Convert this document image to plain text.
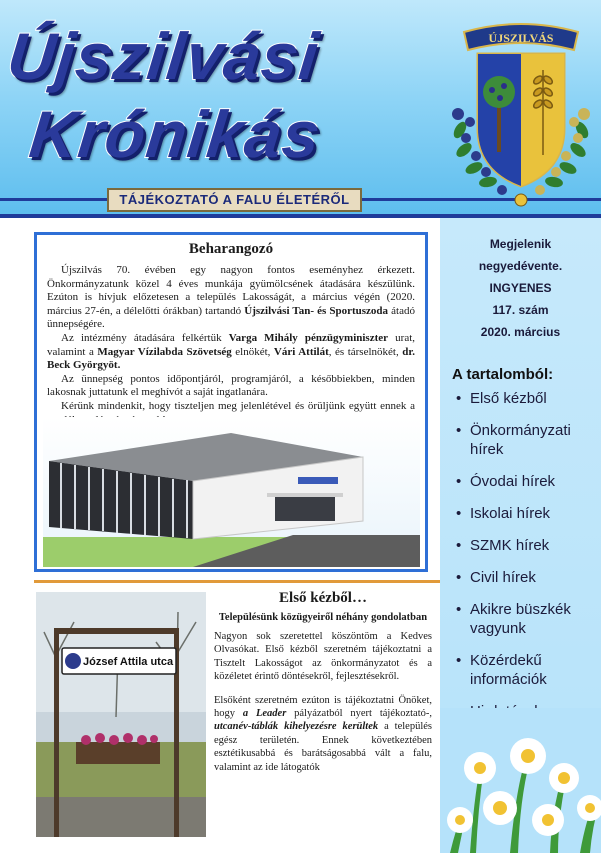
Újszilvási
Krónikás
TÁJÉKOZTATÓ A FALU ÉLETÉRŐL
ÚJSZILVÁS
Megjelenik
negyedévente.
INGYENES
117. szám
2020. március
A tartalomból:
• Első kézből
• Önkormányzati hírek
• Óvodai hírek
• Iskolai hírek
• SZMK hírek
• Civil hírek
• Akikre büszkék vagyunk
• Közérdekű információk
•
Beharangozó

Újszilvás 70. évében egy nagyon fontos eseményhez érkezett. Önkormányzatunk közel 4 éves munkája gyümölcsének átadására készülünk. Ezúton is hívjuk előzetesen a település Lakosságát, a március végén (2020. március 27-én, a délelőtti órákban) tartandó Újszilvási Tan- és Sportuszoda átadó ünnepségére.

Az intézmény átadására felkértük Varga Mihály pénzügyminiszter urat, valamint a Magyar Vízilabda Szövetség elnökét, Vári Attilát, és társelnökét, dr. Beck Györgyöt.

Az ünnepség pontos időpontjáról, programjáról, a későbbiekben, minden lakosnak juttatunk el meghívót a saját ingatlanára.

Kérünk mindenkit, hogy tiszteljen meg jelenlétével és örüljünk együtt ennek a

József Attila utca
Első kézből…
Településünk közügyeiről néhány gondolatban

Nagyon sok szeretettel köszöntöm a Kedves Olvasókat. Első kézből szeretném tájékoztatni a Tisztelt Lakosságot az önkormányzatot és a közéletet érintő döntésekről, fejlesztésekről.

Elsőként szeretném ezúton is tájékoztatni Önöket, hogy a Leader pályázatból nyert tájékoztató-, utcanév-táblák kihelyezésre kerültek a település egész területén. Ennek következtében esztétikusabbá és barátságosabbá vált a falu, valamint az ide látogatók
